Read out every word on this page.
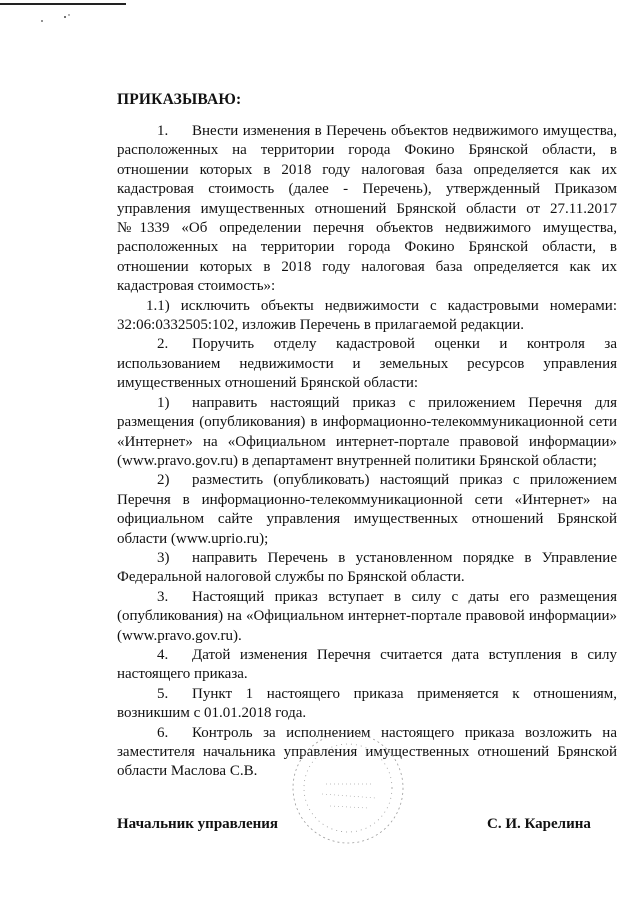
ПРИКАЗЫВАЮ:

1. Внести изменения в Перечень объектов недвижимого имущества, расположенных на территории города Фокино Брянской области, в отношении которых в 2018 году налоговая база определяется как их кадастровая стоимость (далее - Перечень), утвержденный Приказом управления имущественных отношений Брянской области от 27.11.2017 №1339 «Об определении перечня объектов недвижимого имущества, расположенных на территории города Фокино Брянской области, в отношении которых в 2018 году налоговая база определяется как их кадастровая стоимость»:

1.1) исключить объекты недвижимости с кадастровыми номерами: 32:06:0332505:102, изложив Перечень в прилагаемой редакции.

2. Поручить отделу кадастровой оценки и контроля за использованием недвижимости и земельных ресурсов управления имущественных отношений Брянской области:

1) направить настоящий приказ с приложением Перечня для размещения (опубликования) в информационно-телекоммуникационной сети «Интернет» на «Официальном интернет-портале правовой информации» (www.pravo.gov.ru) в департамент внутренней политики Брянской области;

2) разместить (опубликовать) настоящий приказ с приложением Перечня в информационно-телекоммуникационной сети «Интернет» на официальном сайте управления имущественных отношений Брянской области (www.uprio.ru);

3) направить Перечень в установленном порядке в Управление Федеральной налоговой службы по Брянской области.

3. Настоящий приказ вступает в силу с даты его размещения (опубликования) на «Официальном интернет-портале правовой информации» (www.pravo.gov.ru).

4. Датой изменения Перечня считается дата вступления в силу настоящего приказа.

5. Пункт 1 настоящего приказа применяется к отношениям, возникшим с 01.01.2018 года.

6. Контроль за исполнением настоящего приказа возложить на заместителя начальника управления имущественных отношений Брянской области Маслова С.В.

Начальник управления	С. И. Карелина
